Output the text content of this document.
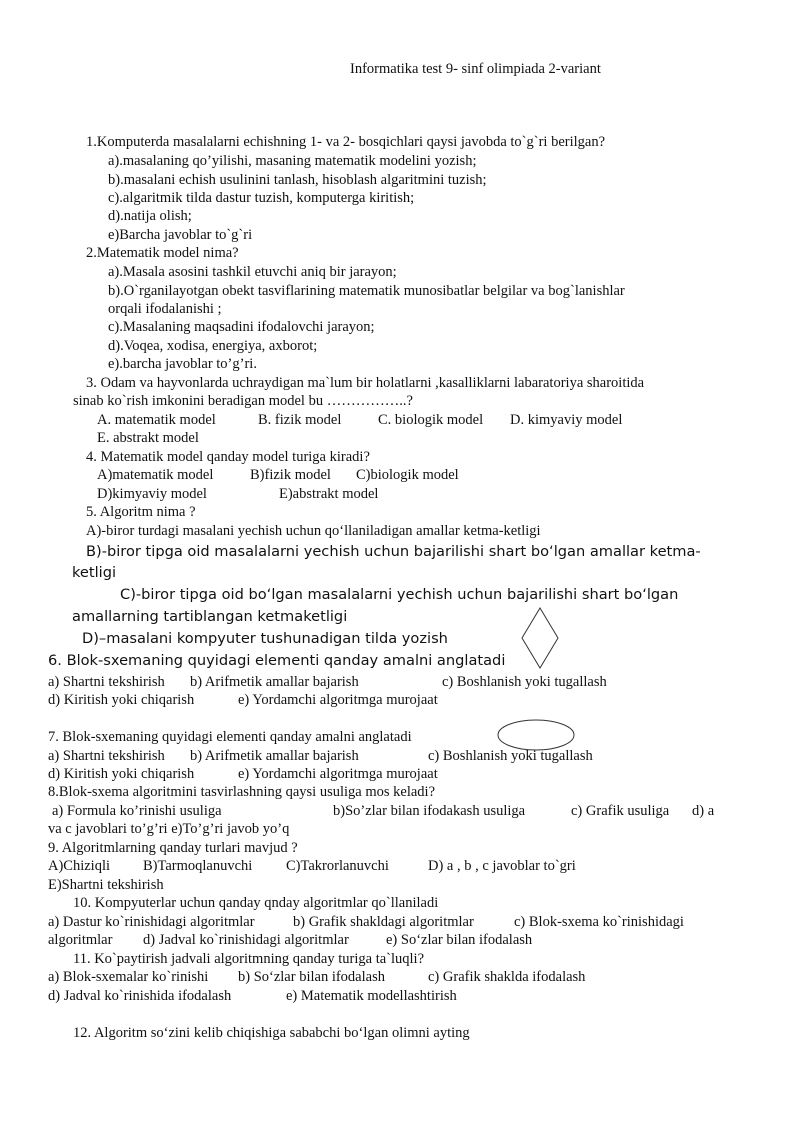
Informatika test 9- sinf olimpiada 2-variant
1.Komputerda masalalarni echishning 1- va 2- bosqichlari qaysi javobda to`g`ri berilgan?
a).masalaning qo’yilishi, masaning matematik modelini yozish;
b).masalani echish usulinini tanlash, hisoblash algaritmini tuzish;
c).algaritmik tilda dastur tuzish, komputerga kiritish;
d).natija olish;
e)Barcha javoblar to`g`ri
2.Matematik model nima?
a).Masala asosini tashkil etuvchi aniq bir jarayon;
b).O`rganilayotgan obekt tasviflarining matematik munosibatlar belgilar va bog`lanishlar
orqali ifodalanishi ;
c).Masalaning maqsadini ifodalovchi jarayon;
d).Voqea, xodisa, energiya, axborot;
e).barcha javoblar to’g’ri.
3. Odam va hayvonlarda uchraydigan ma`lum bir holatlarni ,kasalliklarni labaratoriya sharoitida
sinab ko`rish imkonini beradigan model bu ……………..?
A. matematik model	B. fizik model	C. biologik model D. kimyaviy model
E. abstrakt model
4. Matematik model qanday model turiga kiradi?
A)matematik model	B)fizik model C)biologik model
D)kimyaviy model	E)abstrakt model
5. Algoritm nima ?
A)-biror turdagi masalani yechish uchun qo‘llaniladigan amallar ketma-ketligi
B)-biror tipga oid masalalarni yechish uchun bajarilishi shart bo‘lgan amallar ketma-
ketligi
C)-biror tipga oid bo‘lgan masalalarni yechish uchun bajarilishi shart bo‘lgan
amallarning tartiblangan ketmaketligi
D)–masalani kompyuter tushunadigan tilda yozish
6. Blok-sxemaning quyidagi elementi qanday amalni anglatadi
a) Shartni tekshirish b) Arifmetik amallar bajarish	c) Boshlanish yoki tugallash
d) Kiritish yoki chiqarish	e) Yordamchi algoritmga murojaat
7. Blok-sxemaning quyidagi elementi qanday amalni anglatadi
a) Shartni tekshirish b) Arifmetik amallar bajarish	c) Boshlanish yoki tugallash
d) Kiritish yoki chiqarish	e) Yordamchi algoritmga murojaat
8.Blok-sxema algoritmini tasvirlashning qaysi usuliga mos keladi?
a) Formula ko’rinishi usuliga	b)So’zlar bilan ifodakash usuliga	c) Grafik usuliga d) a
va c javoblari to’g’ri e)To’g’ri javob yo’q
9. Algoritmlarning qanday turlari mavjud ?
A)Chiziqli B)Tarmoqlanuvchi C)Takrorlanuvchi	D) a , b , c javoblar to`gri
E)Shartni tekshirish
10. Kompyuterlar uchun qanday qnday algoritmlar qo`llaniladi
a) Dastur ko`rinishidagi algoritmlar	b) Grafik shakldagi algoritmlar	c) Blok-sxema ko`rinishidagi
algoritmlar d) Jadval ko`rinishidagi algoritmlar	e) So‘zlar bilan ifodalash
11. Ko`paytirish jadvali algoritmning qanday turiga ta`luqli?
a) Blok-sxemalar ko`rinishi b) So‘zlar bilan ifodalash	c) Grafik shaklda ifodalash
d) Jadval ko`rinishida ifodalash	e) Matematik modellashtirish
12. Algoritm so‘zini kelib chiqishiga sababchi bo‘lgan olimni ayting
